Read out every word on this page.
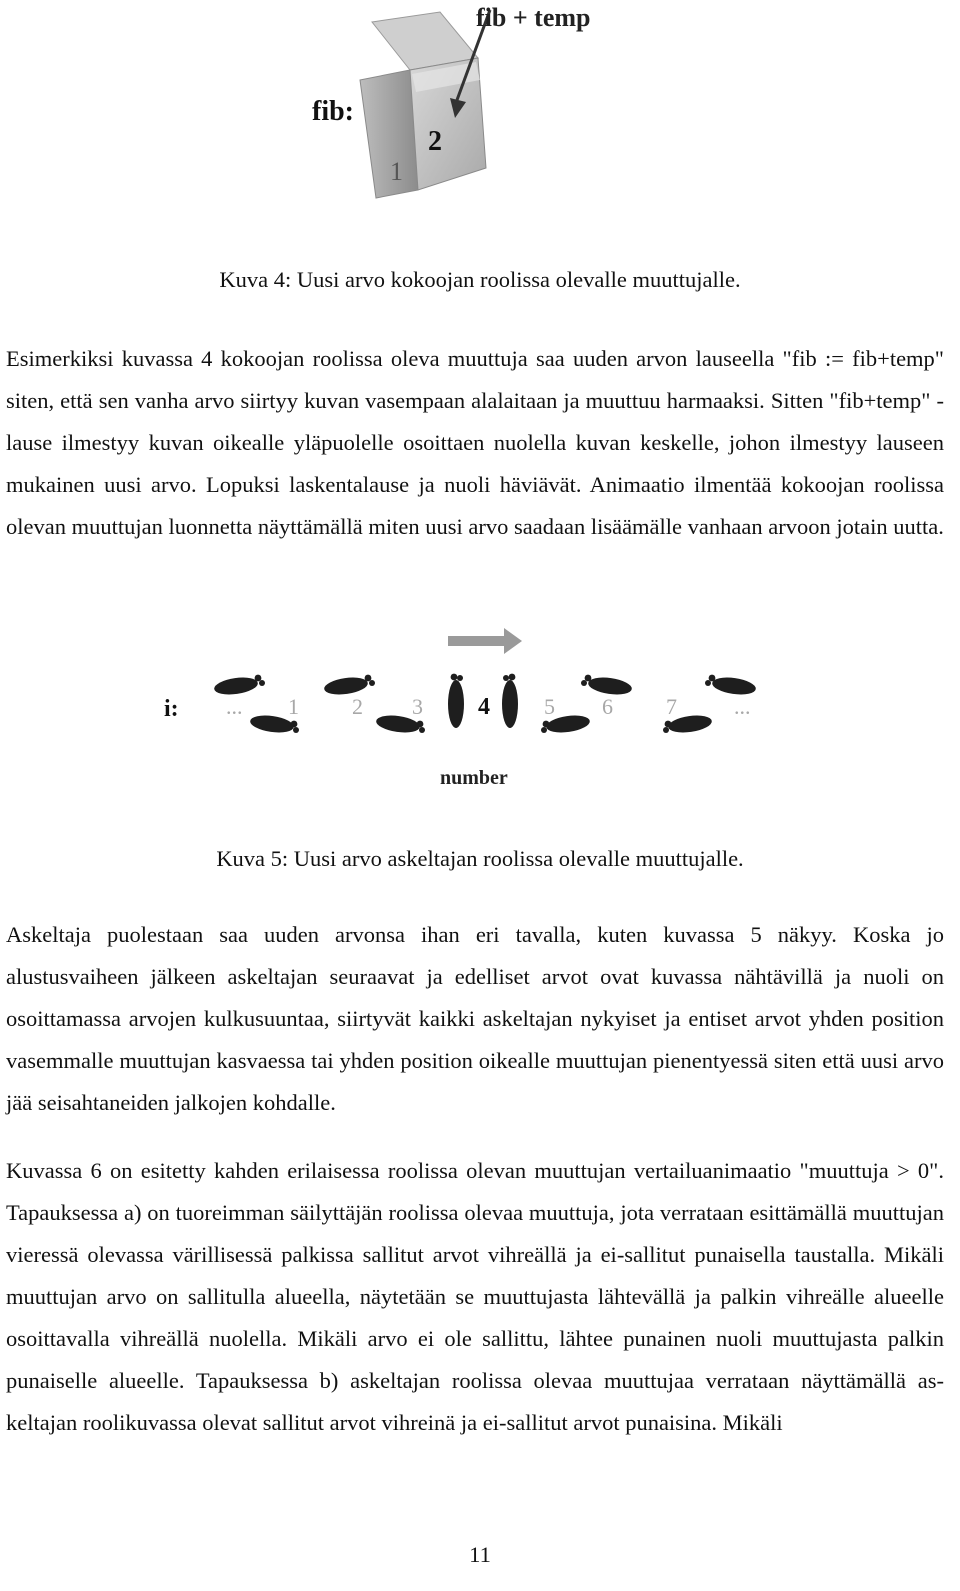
fib + temp
fib:
2
1
Kuva 4: Uusi arvo kokoojan roolissa olevalle muuttujalle.

Esimerkiksi kuvassa 4 kokoojan roolissa oleva muuttuja saa uuden arvon lauseella "fib := fib+temp" siten, että sen vanha arvo siirtyy kuvan vasempaan alalaitaan ja muuttuu harmaaksi. Sitten "fib+temp" -lause ilmestyy kuvan oikealle yläpuolelle osoittaen nuolella kuvan keskelle, johon ilmestyy lauseen mukainen uusi arvo. Lopuksi laskentalause ja nuoli häviävät. Animaatio ilmentää kokoojan roolissa olevan muuttujan luonnetta näyttämällä miten uusi arvo saadaan lisäämälle vanhaan arvoon jotain uutta.

i: ... 1 2 3 4 5 6 7	...
number
Kuva 5: Uusi arvo askeltajan roolissa olevalle muuttujalle.

Askeltaja puolestaan saa uuden arvonsa ihan eri tavalla, kuten kuvassa 5 näkyy. Koska jo alustusvaiheen jälkeen askeltajan seuraavat ja edelliset arvot ovat kuvassa nähtävillä ja nuoli on osoittamassa arvojen kulkusuuntaa, siirtyvät kaikki askeltajan nykyiset ja entiset arvot yhden position vasemmalle muuttujan kasvaessa tai yhden position oikealle muuttujan pienentyessä siten että uusi arvo jää seisahtaneiden jalkojen kohdalle.

Kuvassa 6 on esitetty kahden erilaisessa roolissa olevan muuttujan vertailuanimaatio "muuttuja > 0". Tapauksessa a) on tuoreimman säilyttäjän roolissa olevaa muuttuja, jota verrataan esittämällä muuttujan vieressä olevassa värillisessä palkissa sallitut arvot vihreällä ja ei-sallitut punaisella taustalla. Mikäli muuttujan arvo on sallitulla alueella, näytetään se muuttujasta lähtevällä ja palkin vihreälle alueelle osoittavalla vihreällä nuolella. Mikäli arvo ei ole sallittu, lähtee punainen nuoli muuttujasta palkin punaiselle alueelle. Tapauksessa b) askeltajan roolissa olevaa muuttujaa verrataan näyttämällä askeltajan roolikuvassa olevat sallitut arvot vihreinä ja ei-sallitut arvot punaisina. Mikäli

11
